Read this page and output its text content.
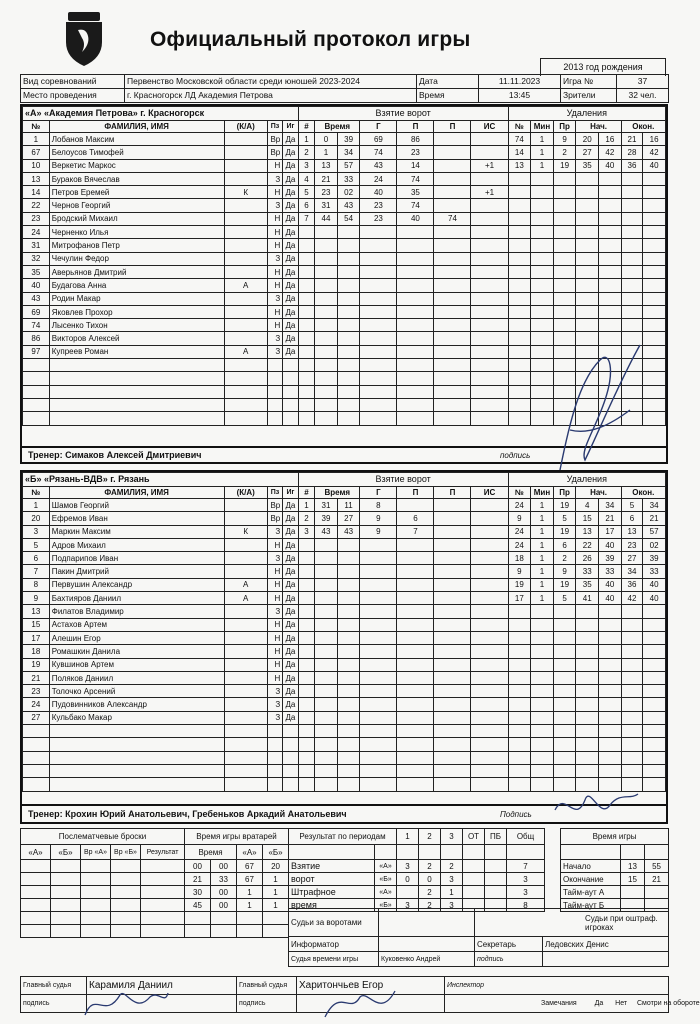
Официальный протокол игры
2013 год рождения
Вид соревнований	Первенство Московской области среди юношей 2023-2024	Дата	11.11.2023	Игра №	37
Место проведения	г. Красногорск ЛД Академия Петрова	Время	13:45	Зрители	32 чел.
«А» «Академия Петрова» г. Красногорск					Взятие ворот							Удаления						
№	ФАМИЛИЯ, ИМЯ	(К/А)	Пз	Иг	#	Время		Г	П	П	ИС	№	Мин	Пр	Нач.		Окон.	
1	Лобанов Максим		Вр	Да	1	0	39	69	86			74	1	9	20	16	21	16
67	Белоусов Тимофей		Вр	Да	2	1	34	74	23			14	1	2	27	42	28	42
10	Веркетис Маркос		Н	Да	3	13	57	43	14		+1	13	1	19	35	40	36	40
13	Бураков Вячеслав		З	Да	4	21	33	24	74									
14	Петров Еремей	К	Н	Да	5	23	02	40	35		+1							
22	Чернов Георгий		З	Да	6	31	43	23	74									
23	Бродский Михаил		Н	Да	7	44	54	23	40	74								
24	Черненко Илья		Н	Да														
31	Митрофанов Петр		Н	Да														
32	Чечулин Федор		З	Да														
35	Аверьянов Дмитрий		Н	Да														
40	Будагова Анна	А	Н	Да														
43	Родин Макар		З	Да														
69	Яковлев Прохор		Н	Да														
74	Лысенко Тихон		Н	Да														
86	Викторов Алексей		З	Да														
97	Купреев Роман	А	З	Да														

Тренер: Симаков Алексей Дмитриевич	подпись
«Б» «Рязань-ВДВ» г. Рязань					Взятие ворот							Удаления						
№	ФАМИЛИЯ, ИМЯ	(К/А)	Пз	Иг	#	Время		Г	П	П	ИС	№	Мин	Пр	Нач.		Окон.	
1	Шамов Георгий		Вр	Да	1	31	11	8				24	1	19	4	34	5	34
20	Ефремов Иван		Вр	Да	2	39	27	9	6			9	1	5	15	21	6	21
3	Маркин Максим	К	З	Да	3	43	43	9	7			24	1	19	13	17	13	57
5	Адров Михаил		Н	Да								24	1	6	22	40	23	02
6	Подпарипов Иван		З	Да								18	1	2	26	39	27	39
7	Пакин Дмитрий		Н	Да								9	1	9	33	33	34	33
8	Первушин Александр	А	Н	Да								19	1	19	35	40	36	40
9	Бахтияров Даниил	А	Н	Да								17	1	5	41	40	42	40
13	Филатов Владимир		З	Да														
15	Астахов Артем		Н	Да														
17	Алешин Егор		Н	Да														
18	Ромашкин Данила		Н	Да														
19	Кувшинов Артем		Н	Да														
21	Поляков Даниил		Н	Да														
23	Толочко Арсений		З	Да														
24	Пудовинников Александр		З	Да														
27	Кульбако Макар		З	Да														

Тренер: Крохин Юрий Анатольевич, Гребеньков Аркадий Анатольевич	Подпись
Послематчевые броски					Время игры вратарей			
«А»	«Б»	Вр «А»	Вр «Б»	Результат	Время		«А»	«Б»
					00	00	67	20
					21	33	67	1
					30	00	1	1
					45	00	1	1

Результат по периодам		1	2	3	ОТ	ПБ	Общ

Взятие	«А»	3	2	2			7
ворот	«Б»	0	0	3			3
Штрафное	«А»		2	1			3
время	«Б»	3	2	3			8
Время игры		

Начало	13	55
Окончание	15	21
Тайм-аут А		
Тайм-аут Б		
Судьи за воротами		Судьи при оштраф. игроках	
Информатор		Секретарь	Ледовских Денис
Судья времени игры	Куковенко Андрей	подпись	
Главный судья	Карамиля Даниил	Главный судья	Харитончьев Егор	Инспектор
подпись		подпись		Замечания Да Нет Смотри на обороте
